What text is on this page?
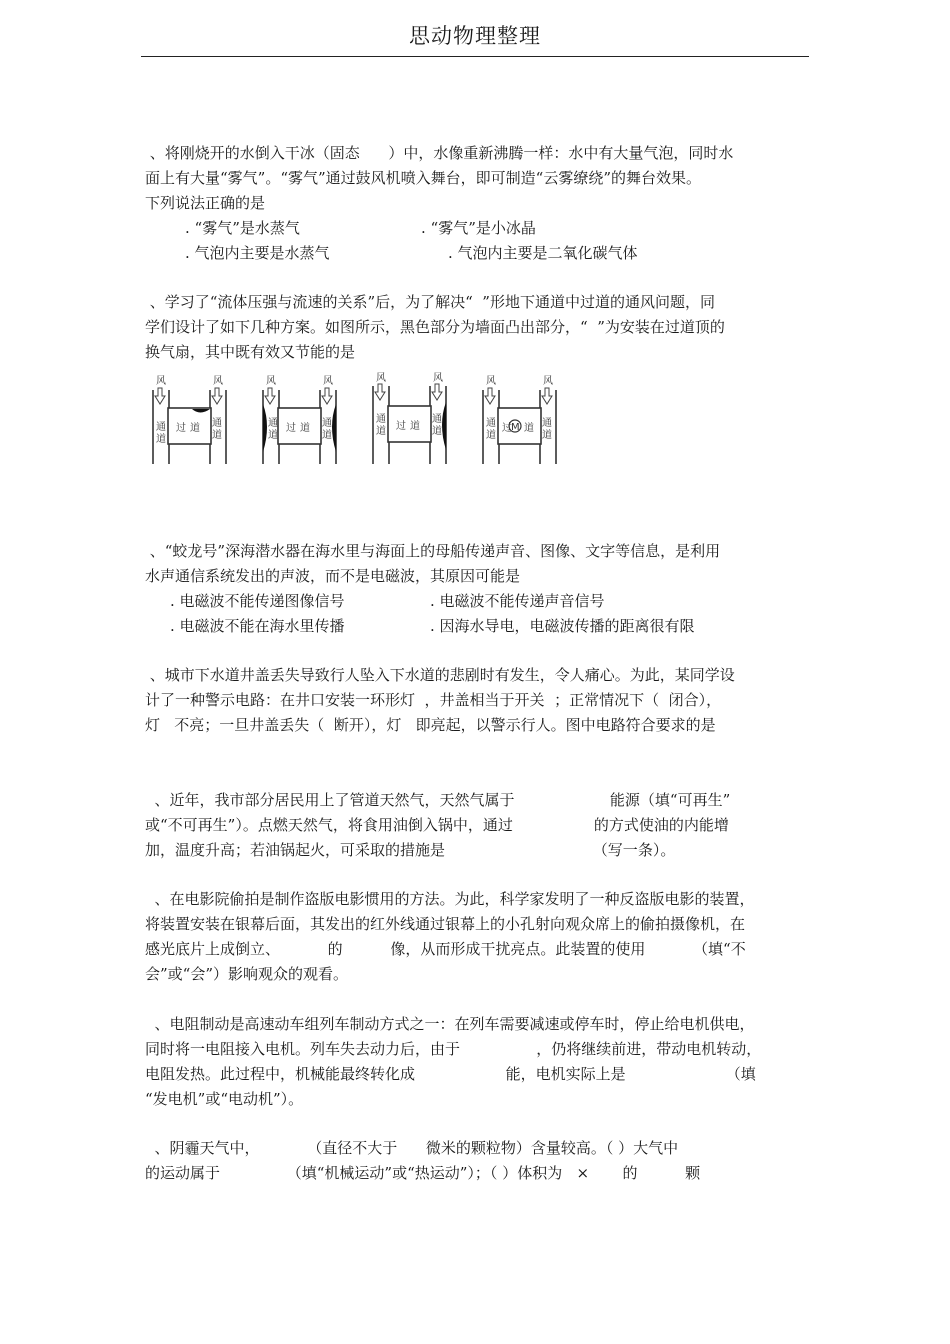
思动物理整理
、将刚烧开的水倒入干冰（固态      ）中，水像重新沸腾一样：水中有大量气泡，同时水
面上有大量“雾气”。“雾气”通过鼓风机喷入舞台，即可制造“云雾缭绕”的舞台效果。
下列说法正确的是
. “雾气”是水蒸气	. “雾气”是小冰晶
. 气泡内主要是水蒸气	. 气泡内主要是二氧化碳气体
、学习了“流体压强与流速的关系”后，为了解决“  ”形地下通道中过道的通风问题，同
学们设计了如下几种方案。如图所示，黑色部分为墙面凸出部分，“  ”为安装在过道顶的
换气扇，其中既有效又节能的是
风	风
通
道
通
道
过 道
风	风
通
道
通
道
过 道
风	风
通
道
通
道
过 道	M
风	风
通
道
通
道
过 道
、“蛟龙号”深海潜水器在海水里与海面上的母船传递声音、图像、文字等信息，是利用
水声通信系统发出的声波，而不是电磁波，其原因可能是
. 电磁波不能传递图像信号	. 电磁波不能传递声音信号
. 电磁波不能在海水里传播	. 因海水导电，电磁波传播的距离很有限
、城市下水道井盖丢失导致行人坠入下水道的悲剧时有发生，令人痛心。为此，某同学设
计了一种警示电路：在井口安装一环形灯  ，井盖相当于开关  ；正常情况下（  闭合），
灯   不亮；一旦井盖丢失（  断开），灯   即亮起，以警示行人。图中电路符合要求的是
、近年，我市部分居民用上了管道天然气，天然气属于                    能源（填“可再生”
或“不可再生”）。点燃天然气，将食用油倒入锅中，通过                 的方式使油的内能增
加，温度升高；若油锅起火，可采取的措施是                               （写一条）。
、在电影院偷拍是制作盗版电影惯用的方法。为此，科学家发明了一种反盗版电影的装置，
将装置安装在银幕后面，其发出的红外线通过银幕上的小孔射向观众席上的偷拍摄像机，在
感光底片上成倒立、          的          像，从而形成干扰亮点。此装置的使用          （填“不
会”或“会”）影响观众的观看。
、电阻制动是高速动车组列车制动方式之一：在列车需要减速或停车时，停止给电机供电，
同时将一电阻接入电机。列车失去动力后，由于                ，仍将继续前进，带动电机转动，
电阻发热。此过程中，机械能最终转化成                   能，电机实际上是                     （填
“发电机”或“电动机”）。
、阴霾天气中，          （直径不大于      微米的颗粒物）含量较高。（ ）大气中
的运动属于              （填“机械运动”或“热运动”）；（ ）体积为   ×       的          颗
